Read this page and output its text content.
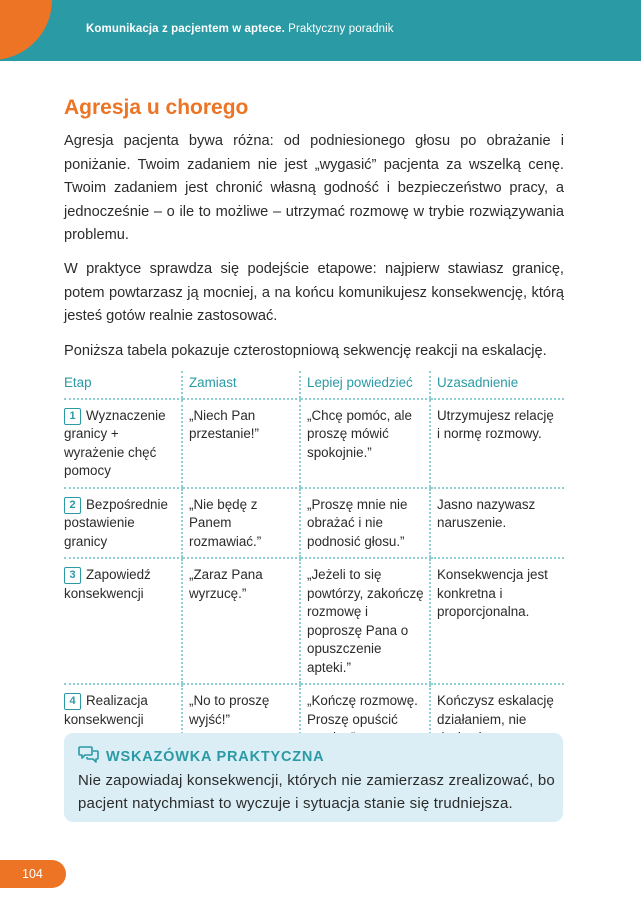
Komunikacja z pacjentem w aptece. Praktyczny poradnik
Agresja u chorego

Agresja pacjenta bywa różna: od podniesionego głosu po obrażanie i poniżanie. Twoim zadaniem nie jest „wygasić” pacjenta za wszelką cenę. Twoim zadaniem jest chronić własną godność i bezpieczeństwo pracy, a jednocześnie – o ile to możliwe – utrzymać rozmowę w trybie rozwiązywania problemu.

W praktyce sprawdza się podejście etapowe: najpierw stawiasz granicę, potem powtarzasz ją mocniej, a na końcu komunikujesz konsekwencję, którą jesteś gotów realnie zastosować.

Poniższa tabela pokazuje czterostopniową sekwencję reakcji na eskalację.

Etap	Zamiast	Lepiej powiedzieć	Uzasadnienie
1 Wyznaczenie granicy + wyrażenie chęć pomocy	„Niech Pan przestanie!”	„Chcę pomóc, ale proszę mówić spokojnie.”	Utrzymujesz relację i normę rozmowy.
2 Bezpośrednie postawienie granicy	„Nie będę z Panem rozmawiać.”	„Proszę mnie nie obrażać i nie podnosić głosu.”	Jasno nazywasz naruszenie.
3 Zapowiedź konsekwencji	„Zaraz Pana wyrzucę.”	„Jeżeli to się powtórzy, zakończę rozmowę i poproszę Pana o opuszczenie apteki.”	Konsekwencja jest konkretna i proporcjonalna.
4 Realizacja konsekwencji	„No to proszę wyjść!”	„Kończę rozmowę. Proszę opuścić	Kończysz eskalację działaniem, nie
WSKAZÓWKA PRAKTYCZNA
Nie zapowiadaj konsekwencji, których nie zamierzasz zrealizować, bo pacjent natychmiast to wyczuje i sytuacja stanie się trudniejsza.
104
